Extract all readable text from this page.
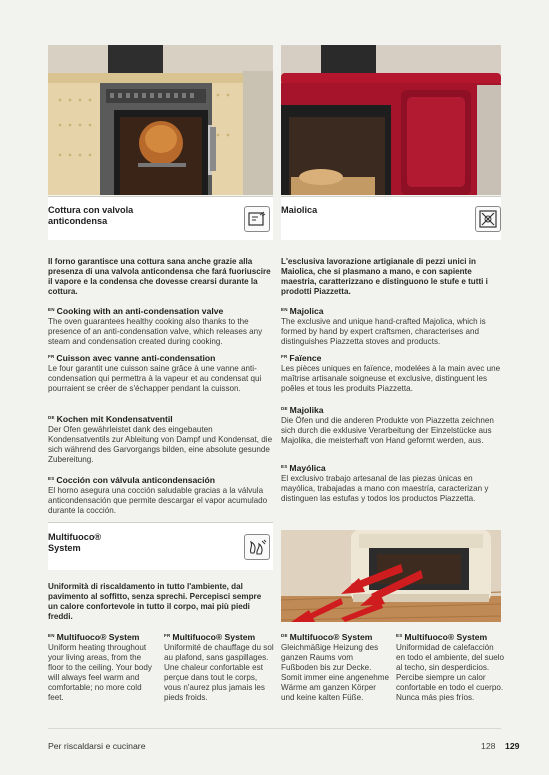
Cottura con valvola
anticondensa
Maiolica
Il forno garantisce una cottura sana anche grazie alla presenza di una valvola anticondensa che fará fuoriuscire il vapore e la condensa che dovesse crearsi durante la cottura.
$^{EN}$ Cooking with an anti-condensation valve

The oven guarantees healthy cooking also thanks to the presence of an anti-condensation valve, which releases any steam and condensation created during cooking.

$^{FR}$ Cuisson avec vanne anti-condensation

Le four garantit une cuisson saine grâce à une vanne anti-condensation qui permettra à la vapeur et au condensat qui pourraient se créer de s'échapper pendant la cuisson.

$^{DE}$ Kochen mit Kondensatventil

Der Ofen gewährleistet dank des eingebauten Kondensatventils zur Ableitung von Dampf und Kondensat, die sich während des Garvorgangs bilden, eine absolute gesunde Zubereitung.

$^{ES}$ Cocción con válvula anticondensación

El horno asegura una cocción saludable gracias a la válvula anticondensación que permite descargar el vapor acumulado durante la cocción.

L'esclusiva lavorazione artigianale di pezzi unici in Maiolica, che si plasmano a mano, e con sapiente maestria, caratterizzano e distinguono le stufe e tutti i prodotti Piazzetta.
$^{EN}$ Majolica

The exclusive and unique hand-crafted Majolica, which is formed by hand by expert craftsmen, characterises and distinguishes Piazzetta stoves and products.

$^{FR}$ Faïence

Les pièces uniques en faïence, modelées à la main avec une maîtrise artisanale soigneuse et exclusive, distinguent les poêles et tous les produits Piazzetta.

$^{DE}$ Majolika

Die Öfen und die anderen Produkte von Piazzetta zeichnen sich durch die exklusive Verarbeitung der Einzelstücke aus Majolika, die meisterhaft von Hand geformt werden, aus.

$^{ES}$ Mayólica

El exclusivo trabajo artesanal de las piezas únicas en mayólica, trabajadas a mano con maestría, caracterizan y distinguen las estufas y todos los productos Piazzetta.

Multifuoco®
System
Uniformità di riscaldamento in tutto l'ambiente, dal pavimento al soffitto, senza sprechi. Percepisci sempre un calore confortevole in tutto il corpo, mai più piedi freddi.
$^{EN}$ Multifuoco® System

Uniform heating throughout your living areas, from the floor to the ceiling. Your body will always feel warm and comfortable; no more cold feet.

$^{FR}$ Multifuoco® System

Uniformité de chauffage du sol au plafond, sans gaspillages. Une chaleur confortable est perçue dans tout le corps, vous n'aurez plus jamais les pieds froids.

$^{DE}$ Multifuoco® System

Gleichmäßige Heizung des ganzen Raums vom Fußboden bis zur Decke. Somit immer eine angenehme Wärme am ganzen Körper und keine kalten Füße.

$^{ES}$ Multifuoco® System

Uniformidad de calefacción en todo el ambiente, del suelo al techo, sin desperdicios. Percibe siempre un calor confortable en todo el cuerpo. Nunca más pies fríos.

Per riscaldarsi e cucinare	128 129
